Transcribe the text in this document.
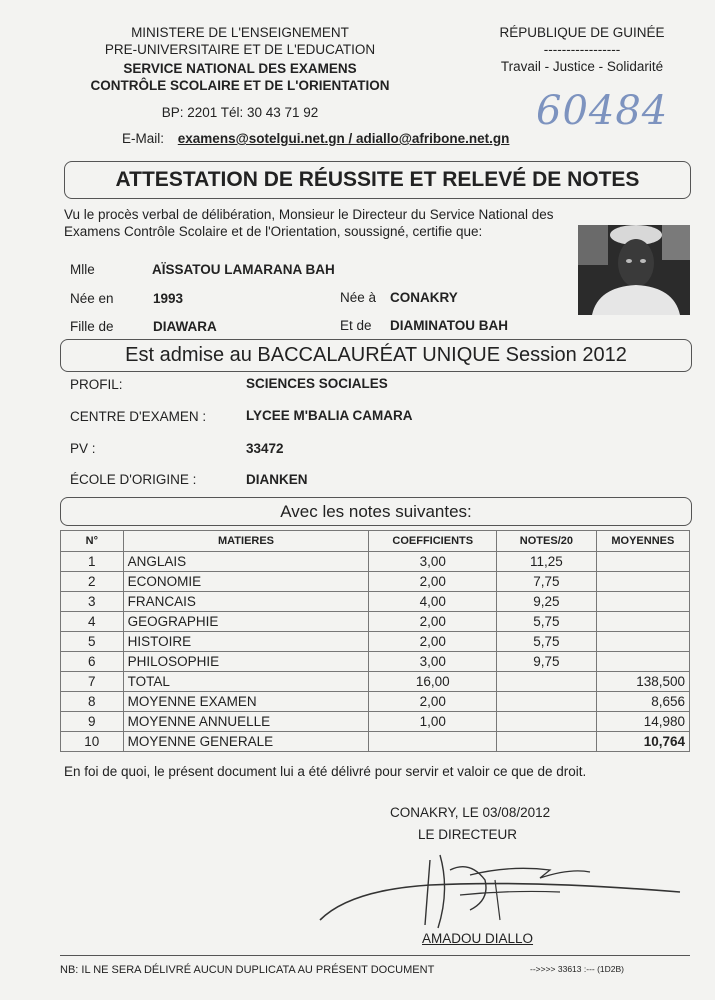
MINISTERE DE L'ENSEIGNEMENT
PRE-UNIVERSITAIRE ET DE L'EDUCATION
SERVICE NATIONAL DES EXAMENS
CONTRÔLE SCOLAIRE ET DE L'ORIENTATION
BP: 2201 Tél: 30 43 71 92
RÉPUBLIQUE DE GUINÉE
-----------------
Travail - Justice - Solidarité
60484
E-Mail: examens@sotelgui.net.gn / adiallo@afribone.net.gn
ATTESTATION DE RÉUSSITE ET RELEVÉ DE NOTES
Vu le procès verbal de délibération, Monsieur le Directeur du Service National des Examens Contrôle Scolaire et de l'Orientation, soussigné, certifie que:
Mlle	AÏSSATOU LAMARANA BAH
Née en	1993	Née à CONAKRY
Fille de	DIAWARA	Et de DIAMINATOU BAH
Est admise au BACCALAURÉAT UNIQUE Session 2012
PROFIL:	SCIENCES SOCIALES
CENTRE D'EXAMEN :	LYCEE M'BALIA CAMARA
PV :	33472
ÉCOLE D'ORIGINE :	DIANKEN
Avec les notes suivantes:
N°	MATIERES	COEFFICIENTS	NOTES/20	MOYENNES
1	ANGLAIS	3,00	11,25	
2	ECONOMIE	2,00	7,75	
3	FRANCAIS	4,00	9,25	
4	GEOGRAPHIE	2,00	5,75	
5	HISTOIRE	2,00	5,75	
6	PHILOSOPHIE	3,00	9,75	
7	TOTAL	16,00		138,500
8	MOYENNE EXAMEN	2,00		8,656
9	MOYENNE ANNUELLE	1,00		14,980
10	MOYENNE GENERALE			10,764
En foi de quoi, le présent document lui a été délivré pour servir et valoir ce que de droit.
CONAKRY, LE 03/08/2012
LE DIRECTEUR
AMADOU DIALLO
NB: IL NE SERA DÉLIVRÉ AUCUN DUPLICATA AU PRÉSENT DOCUMENT	-->>>> 33613 :--- (1D2B)
